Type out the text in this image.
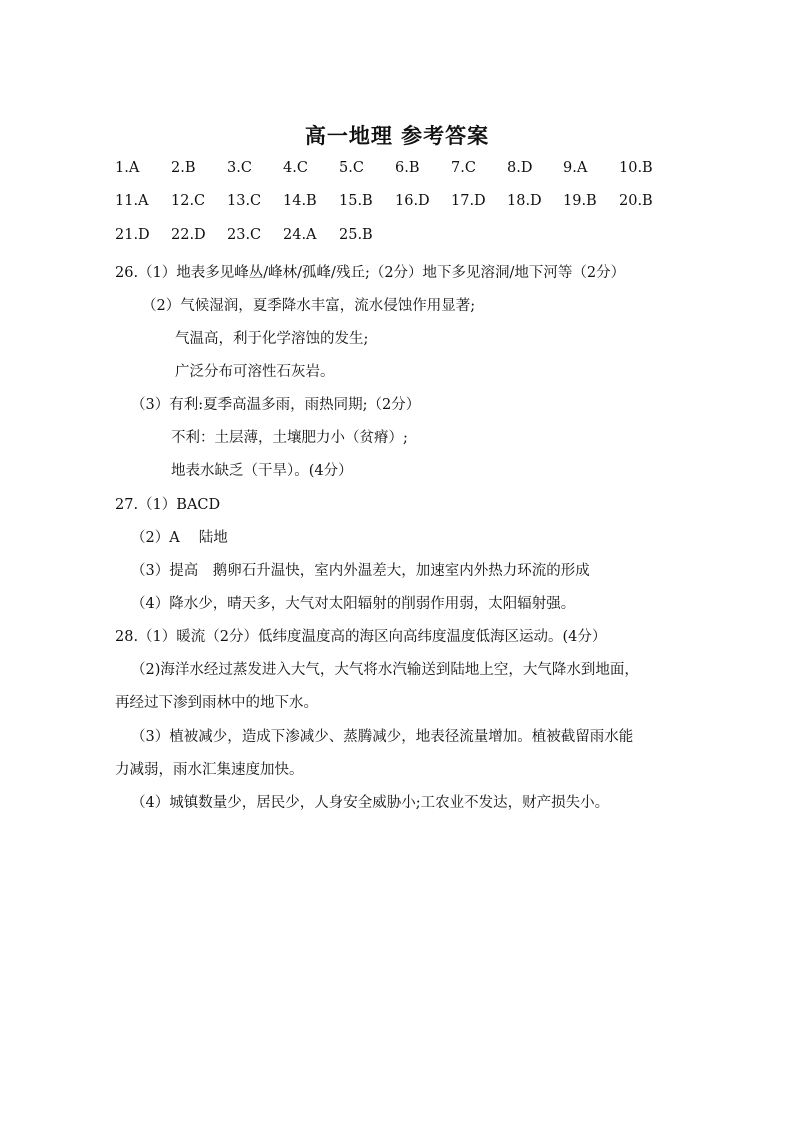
高一地理 参考答案
1.A 2.B 3.C 4.C 5.C 6.B 7.C 8.D 9.A 10.B
11.A 12.C 13.C 14.B 15.B 16.D 17.D 18.D 19.B 20.B
21.D 22.D 23.C 24.A 25.B
26.（1）地表多见峰丛/峰林/孤峰/残丘;（2分）地下多见溶洞/地下河等（2分）
（2）气候湿润，夏季降水丰富，流水侵蚀作用显著;
气温高，利于化学溶蚀的发生;
广泛分布可溶性石灰岩。
（3）有利:夏季高温多雨，雨热同期;（2分）
不利：土层薄，土壤肥力小（贫瘠）;
地表水缺乏（干旱）。(4分）
27.（1）BACD
（2）A　 陆地
（3）提高　鹅卵石升温快，室内外温差大，加速室内外热力环流的形成
（4）降水少，晴天多，大气对太阳辐射的削弱作用弱，太阳辐射强。
28.（1）暖流（2分）低纬度温度高的海区向高纬度温度低海区运动。(4分）
（2)海洋水经过蒸发进入大气，大气将水汽输送到陆地上空，大气降水到地面，
再经过下渗到雨林中的地下水。
（3）植被减少，造成下渗减少、蒸腾减少，地表径流量增加。植被截留雨水能
力减弱，雨水汇集速度加快。
（4）城镇数量少，居民少，人身安全威胁小;工农业不发达，财产损失小。
